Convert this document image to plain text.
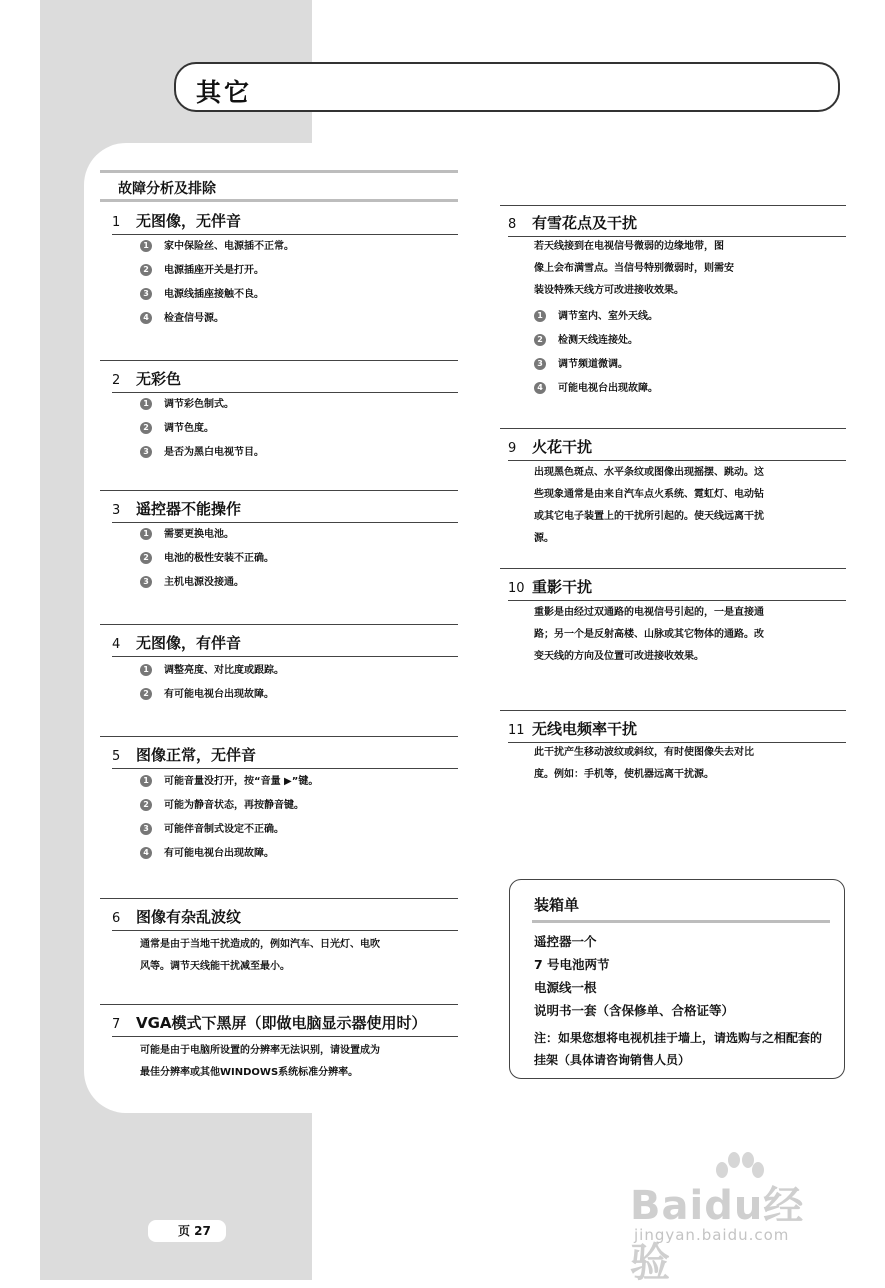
其它
故障分析及排除
1 无图像，无伴音
1 家中保险丝、电源插不正常。
2 电源插座开关是打开。
3 电源线插座接触不良。
4 检查信号源。
2 无彩色
1 调节彩色制式。
2 调节色度。
3 是否为黑白电视节目。
3 遥控器不能操作
1 需要更换电池。
2 电池的极性安装不正确。
3 主机电源没接通。
4 无图像，有伴音
1 调整亮度、对比度或跟踪。
2 有可能电视台出现故障。
5 图像正常，无伴音
1 可能音量没打开，按“音量 ▶”键。
2 可能为静音状态，再按静音键。
3 可能伴音制式设定不正确。
4 有可能电视台出现故障。
6 图像有杂乱波纹
通常是由于当地干扰造成的，例如汽车、日光灯、电吹
风等。调节天线能干扰减至最小。
7 VGA模式下黑屏（即做电脑显示器使用时）
可能是由于电脑所设置的分辨率无法识别，请设置成为
最佳分辨率或其他WINDOWS系统标准分辨率。
8 有雪花点及干扰
若天线接到在电视信号微弱的边缘地带，图
像上会布满雪点。当信号特别微弱时，则需安
装设特殊天线方可改进接收效果。
1 调节室内、室外天线。
2 检测天线连接处。
3 调节频道微调。
4 可能电视台出现故障。
9 火花干扰
出现黑色斑点、水平条纹或图像出现摇摆、跳动。这
些现象通常是由来自汽车点火系统、霓虹灯、电动钻
或其它电子装置上的干扰所引起的。使天线远离干扰
源。
10 重影干扰
重影是由经过双通路的电视信号引起的，一是直接通
路；另一个是反射高楼、山脉或其它物体的通路。改
变天线的方向及位置可改进接收效果。
11 无线电频率干扰
此干扰产生移动波纹或斜纹，有时使图像失去对比
度。例如：手机等，使机器远离干扰源。
装箱单
遥控器一个
7 号电池两节
电源线一根
说明书一套（含保修单、合格证等）
注：如果您想将电视机挂于墙上，请选购与之相配套的挂架（具体请咨询销售人员）
页 27
Baidu经验
jingyan.baidu.com
